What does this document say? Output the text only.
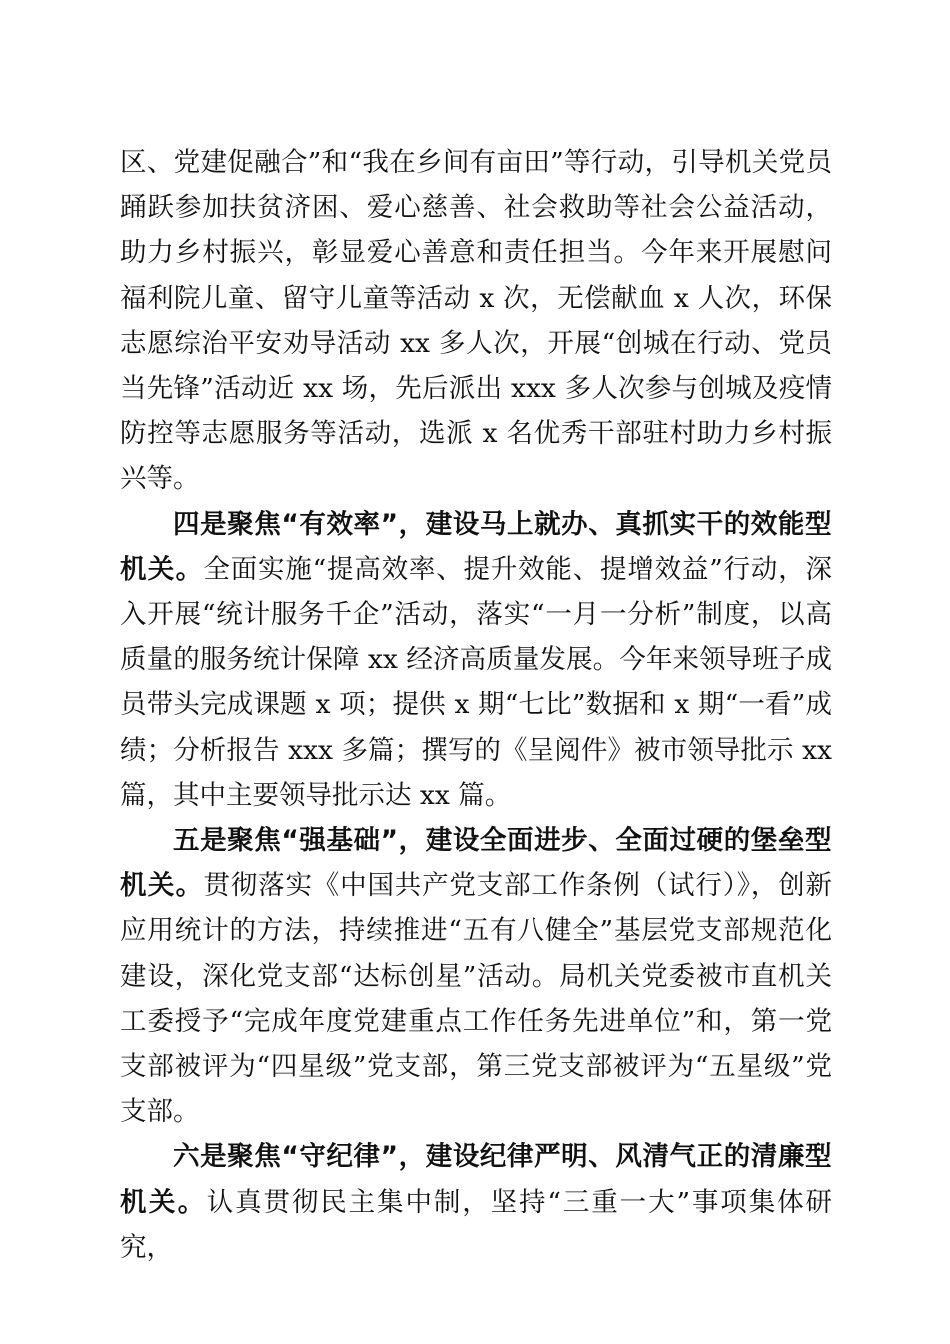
区、党建促融合”和“我在乡间有亩田”等行动，引导机关党员踊跃参加扶贫济困、爱心慈善、社会救助等社会公益活动，助力乡村振兴，彰显爱心善意和责任担当。今年来开展慰问福利院儿童、留守儿童等活动 x 次，无偿献血 x 人次，环保志愿综治平安劝导活动 xx 多人次，开展“创城在行动、党员当先锋”活动近 xx 场，先后派出 xxx 多人次参与创城及疫情防控等志愿服务等活动，选派 x 名优秀干部驻村助力乡村振兴等。

四是聚焦“有效率”，建设马上就办、真抓实干的效能型机关。全面实施“提高效率、提升效能、提增效益”行动，深入开展“统计服务千企”活动，落实“一月一分析”制度，以高质量的服务统计保障 xx 经济高质量发展。今年来领导班子成员带头完成课题 x 项；提供 x 期“七比”数据和 x 期“一看”成绩；分析报告 xxx 多篇；撰写的《呈阅件》被市领导批示 xx 篇，其中主要领导批示达 xx 篇。

五是聚焦“强基础”，建设全面进步、全面过硬的堡垒型机关。贯彻落实《中国共产党支部工作条例（试行）》，创新应用统计的方法，持续推进“五有八健全”基层党支部规范化建设，深化党支部“达标创星”活动。局机关党委被市直机关工委授予“完成年度党建重点工作任务先进单位”和，第一党支部被评为“四星级”党支部，第三党支部被评为“五星级”党支部。

六是聚焦“守纪律”，建设纪律严明、风清气正的清廉型机关。认真贯彻民主集中制，坚持“三重一大”事项集体研究，
